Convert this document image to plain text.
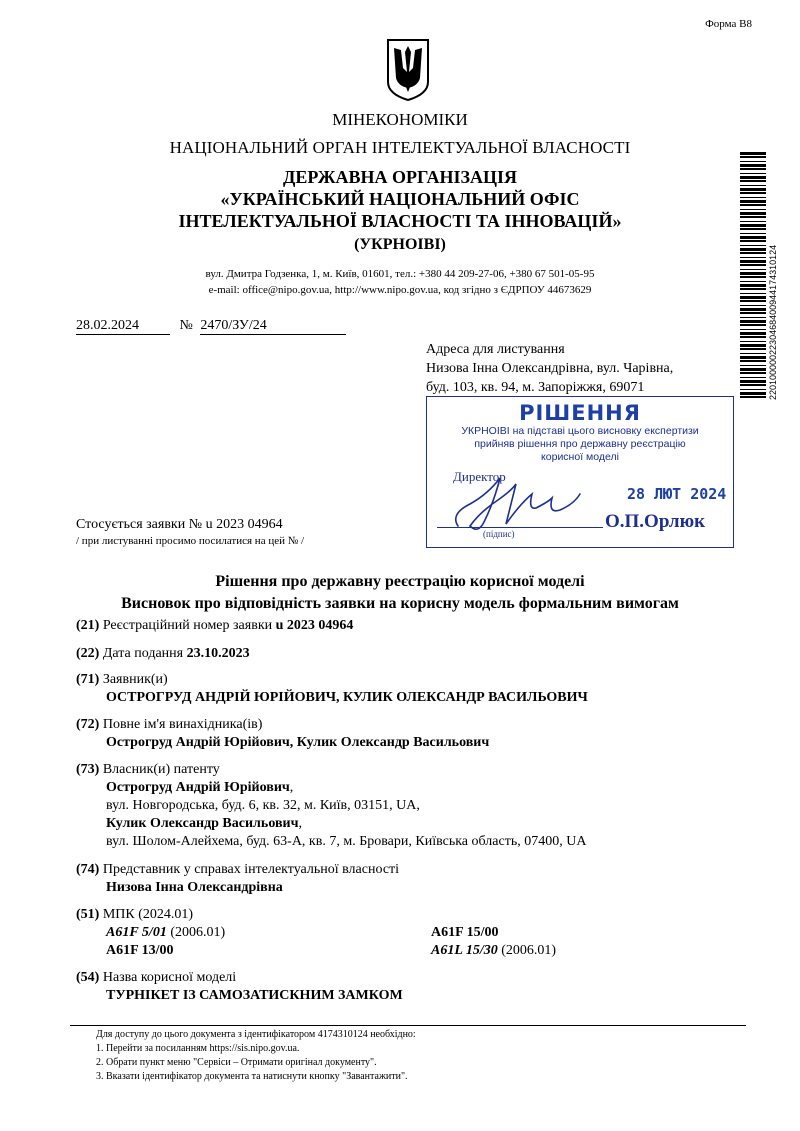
Форма В8
МІНЕКОНОМІКИ
НАЦІОНАЛЬНИЙ ОРГАН ІНТЕЛЕКТУАЛЬНОЇ ВЛАСНОСТІ
ДЕРЖАВНА ОРГАНІЗАЦІЯ
«УКРАЇНСЬКИЙ НАЦІОНАЛЬНИЙ ОФІС
ІНТЕЛЕКТУАЛЬНОЇ ВЛАСНОСТІ ТА ІННОВАЦІЙ»
(УКРНОІВІ)
вул. Дмитра Годзенка, 1, м. Київ, 01601, тел.: +380 44 209-27-06, +380 67 501-05-95
e-mail: office@nipo.gov.ua, http://www.nipo.gov.ua, код згідно з ЄДРПОУ 44673629	2201000002230468400944174310124
28.02.2024	№ 2470/ЗУ/24
Адреса для листування
Низова Інна Олександрівна, вул. Чарівна,
буд. 103, кв. 94, м. Запоріжжя, 69071
РІШЕННЯ
УКРНОІВІ на підставі цього висновку експертизи
прийняв рішення про державну реєстрацію
корисної моделі
Директор
28 ЛЮТ 2024
(підпис)
О.П.Орлюк
Стосується заявки № u 2023 04964
/ при листуванні просимо посилатися на цей № /
Рішення про державну реєстрацію корисної моделі
Висновок про відповідність заявки на корисну модель формальним вимогам
(21) Реєстраційний номер заявки u 2023 04964
(22) Дата подання 23.10.2023
(71) Заявник(и)
ОСТРОГРУД АНДРІЙ ЮРІЙОВИЧ, КУЛИК ОЛЕКСАНДР ВАСИЛЬОВИЧ
(72) Повне ім'я винахідника(ів)
Острогруд Андрій Юрійович, Кулик Олександр Васильович
(73) Власник(и) патенту
Острогруд Андрій Юрійович,
вул. Новгородська, буд. 6, кв. 32, м. Київ, 03151, UA,
Кулик Олександр Васильович,
вул. Шолом-Алейхема, буд. 63-А, кв. 7, м. Бровари, Київська область, 07400, UA
(74) Представник у справах інтелектуальної власності
Низова Інна Олександрівна
(51) МПК (2024.01)
A61F 5/01 (2006.01)	A61F 15/00
A61F 13/00	A61L 15/30 (2006.01)
(54) Назва корисної моделі
ТУРНІКЕТ ІЗ САМОЗАТИСКНИМ ЗАМКОМ
Для доступу до цього документа з ідентифікатором 4174310124 необхідно:
1. Перейти за посиланням https://sis.nipo.gov.ua.
2. Обрати пункт меню "Сервіси – Отримати оригінал документу".
3. Вказати ідентифікатор документа та натиснути кнопку "Завантажити".
